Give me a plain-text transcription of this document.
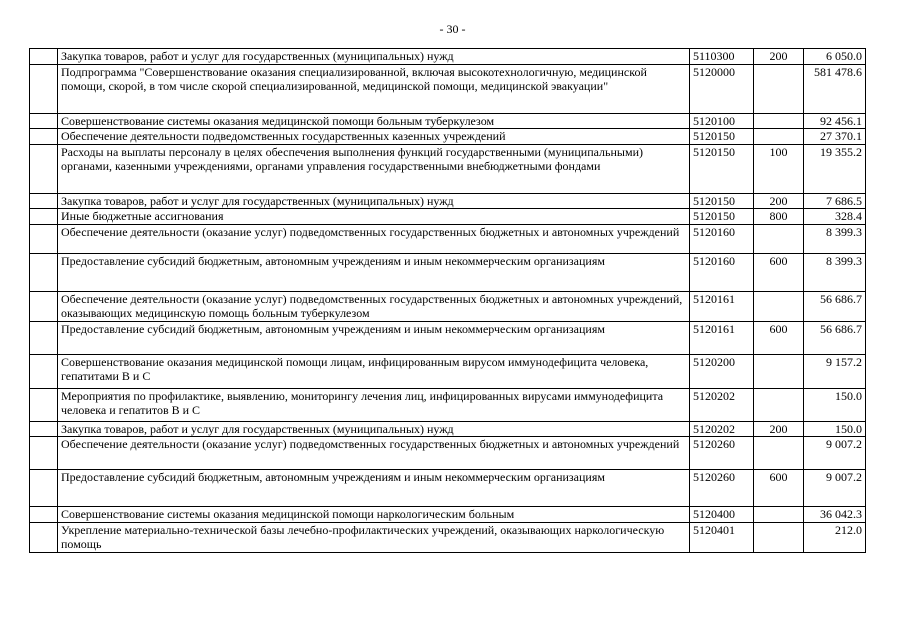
- 30 -
	Закупка товаров, работ и услуг для государственных (муниципальных) нужд	5110300	200	6 050.0
	Подпрограмма "Совершенствование оказания специализированной, включая высокотехнологичную, медицинской помощи, скорой, в том числе скорой специализированной, медицинской помощи, медицинской эвакуации"	5120000		581 478.6
	Совершенствование системы оказания медицинской помощи больным туберкулезом	5120100		92 456.1
	Обеспечение деятельности подведомственных государственных казенных учреждений	5120150		27 370.1
	Расходы на выплаты персоналу в целях обеспечения выполнения функций государственными (муниципальными) органами, казенными учреждениями, органами управления государственными внебюджетными фондами	5120150	100	19 355.2
	Закупка товаров, работ и услуг для государственных (муниципальных) нужд	5120150	200	7 686.5
	Иные бюджетные ассигнования	5120150	800	328.4
	Обеспечение деятельности (оказание услуг) подведомственных государственных бюджетных и автономных учреждений	5120160		8 399.3
	Предоставление субсидий бюджетным, автономным учреждениям и иным некоммерческим организациям	5120160	600	8 399.3
	Обеспечение деятельности (оказание услуг) подведомственных государственных бюджетных и автономных учреждений, оказывающих медицинскую помощь больным туберкулезом	5120161		56 686.7
	Предоставление субсидий бюджетным, автономным учреждениям и иным некоммерческим организациям	5120161	600	56 686.7
	Совершенствование оказания медицинской помощи лицам, инфицированным вирусом иммунодефицита человека, гепатитами B и C	5120200		9 157.2
	Мероприятия по профилактике, выявлению, мониторингу лечения лиц, инфицированных вирусами иммунодефицита человека и гепатитов B и C	5120202		150.0
	Закупка товаров, работ и услуг для государственных (муниципальных) нужд	5120202	200	150.0
	Обеспечение деятельности (оказание услуг) подведомственных государственных бюджетных и автономных учреждений	5120260		9 007.2
	Предоставление субсидий бюджетным, автономным учреждениям и иным некоммерческим организациям	5120260	600	9 007.2
	Совершенствование системы оказания медицинской помощи наркологическим больным	5120400		36 042.3
	Укрепление материально-технической базы лечебно-профилактических учреждений, оказывающих наркологическую помощь	5120401		212.0
